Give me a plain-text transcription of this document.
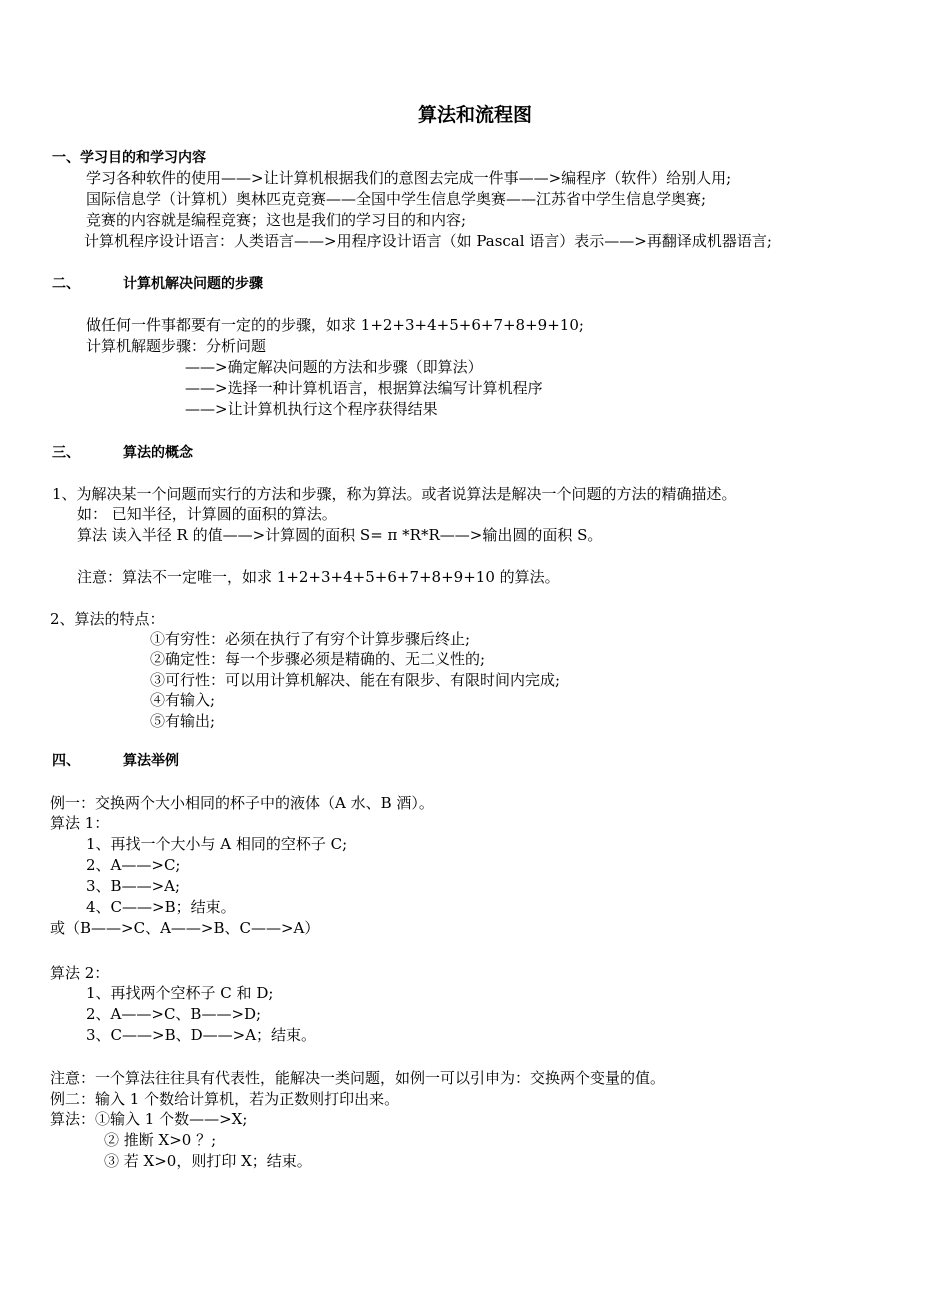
算法和流程图
一、学习目的和学习内容
学习各种软件的使用——>让计算机根据我们的意图去完成一件事——>编程序（软件）给别人用;
国际信息学（计算机）奥林匹克竞赛——全国中学生信息学奥赛——江苏省中学生信息学奥赛;
竞赛的内容就是编程竞赛；这也是我们的学习目的和内容;
计算机程序设计语言：人类语言——>用程序设计语言（如 Pascal 语言）表示——>再翻译成机器语言;
二、	计算机解决问题的步骤
做任何一件事都要有一定的的步骤，如求 1+2+3+4+5+6+7+8+9+10;
计算机解题步骤：分析问题
——>确定解决问题的方法和步骤（即算法）
——>选择一种计算机语言，根据算法编写计算机程序
——>让计算机执行这个程序获得结果
三、	算法的概念
1、为解决某一个问题而实行的方法和步骤，称为算法。或者说算法是解决一个问题的方法的精确描述。
如： 已知半径，计算圆的面积的算法。
算法 读入半径 R 的值——>计算圆的面积 S= π *R*R——>输出圆的面积 S。
注意：算法不一定唯一，如求 1+2+3+4+5+6+7+8+9+10 的算法。
2、算法的特点：
①有穷性：必须在执行了有穷个计算步骤后终止;
②确定性：每一个步骤必须是精确的、无二义性的;
③可行性：可以用计算机解决、能在有限步、有限时间内完成;
④有输入;
⑤有输出;
四、	算法举例
例一：交换两个大小相同的杯子中的液体（A 水、B 酒）。
算法 1：
1、再找一个大小与 A 相同的空杯子 C;
2、A——>C;
3、B——>A;
4、C——>B；结束。
或（B——>C、A——>B、C——>A）
算法 2：
1、再找两个空杯子 C 和 D;
2、A——>C、B——>D;
3、C——>B、D——>A；结束。
注意：一个算法往往具有代表性，能解决一类问题，如例一可以引申为：交换两个变量的值。
例二：输入 1 个数给计算机，若为正数则打印出来。
算法：①输入 1 个数——>X;
② 推断 X>0 ？;
③ 若 X>0，则打印 X；结束。
